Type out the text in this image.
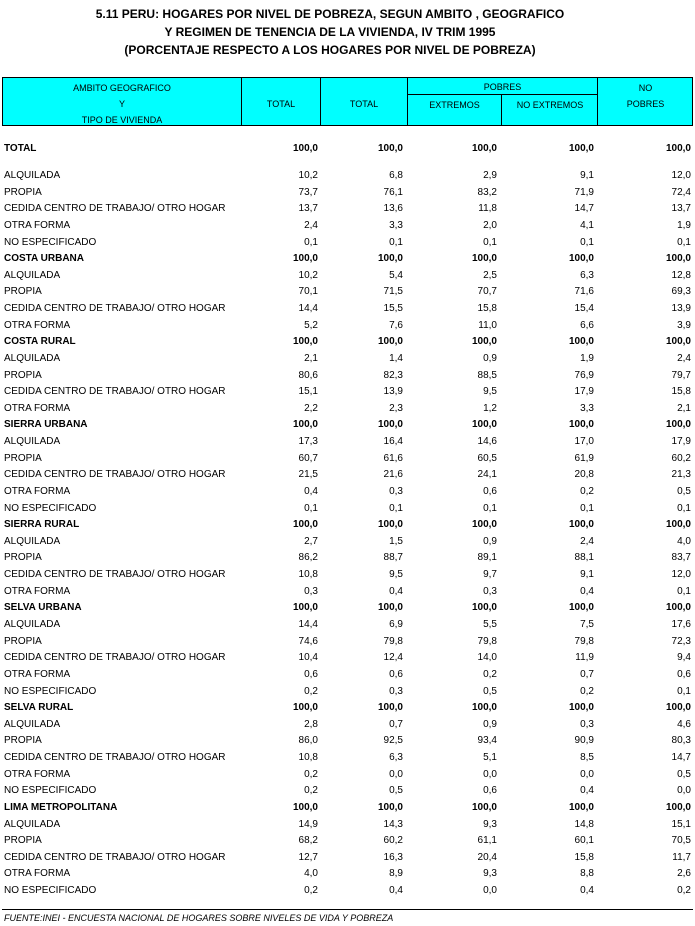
5.11 PERU: HOGARES POR NIVEL DE POBREZA, SEGUN AMBITO , GEOGRAFICO
Y REGIMEN DE TENENCIA DE LA VIVIENDA, IV TRIM 1995
(PORCENTAJE RESPECTO A LOS HOGARES POR NIVEL DE POBREZA)
AMBITO GEOGRAFICO
Y
TIPO DE VIVIENDA
TOTAL	TOTAL
POBRES
EXTREMOS	NO EXTREMOS
NO
POBRES
TOTAL	100,0	100,0	100,0	100,0	100,0
ALQUILADA	10,2	6,8	2,9	9,1	12,0
PROPIA	73,7	76,1	83,2	71,9	72,4
CEDIDA CENTRO DE TRABAJO/ OTRO HOGAR	13,7	13,6	11,8	14,7	13,7
OTRA FORMA	2,4	3,3	2,0	4,1	1,9
NO ESPECIFICADO	0,1	0,1	0,1	0,1	0,1
COSTA URBANA	100,0	100,0	100,0	100,0	100,0
ALQUILADA	10,2	5,4	2,5	6,3	12,8
PROPIA	70,1	71,5	70,7	71,6	69,3
CEDIDA CENTRO DE TRABAJO/ OTRO HOGAR	14,4	15,5	15,8	15,4	13,9
OTRA FORMA	5,2	7,6	11,0	6,6	3,9
COSTA RURAL	100,0	100,0	100,0	100,0	100,0
ALQUILADA	2,1	1,4	0,9	1,9	2,4
PROPIA	80,6	82,3	88,5	76,9	79,7
CEDIDA CENTRO DE TRABAJO/ OTRO HOGAR	15,1	13,9	9,5	17,9	15,8
OTRA FORMA	2,2	2,3	1,2	3,3	2,1
SIERRA URBANA	100,0	100,0	100,0	100,0	100,0
ALQUILADA	17,3	16,4	14,6	17,0	17,9
PROPIA	60,7	61,6	60,5	61,9	60,2
CEDIDA CENTRO DE TRABAJO/ OTRO HOGAR	21,5	21,6	24,1	20,8	21,3
OTRA FORMA	0,4	0,3	0,6	0,2	0,5
NO ESPECIFICADO	0,1	0,1	0,1	0,1	0,1
SIERRA RURAL	100,0	100,0	100,0	100,0	100,0
ALQUILADA	2,7	1,5	0,9	2,4	4,0
PROPIA	86,2	88,7	89,1	88,1	83,7
CEDIDA CENTRO DE TRABAJO/ OTRO HOGAR	10,8	9,5	9,7	9,1	12,0
OTRA FORMA	0,3	0,4	0,3	0,4	0,1
SELVA URBANA	100,0	100,0	100,0	100,0	100,0
ALQUILADA	14,4	6,9	5,5	7,5	17,6
PROPIA	74,6	79,8	79,8	79,8	72,3
CEDIDA CENTRO DE TRABAJO/ OTRO HOGAR	10,4	12,4	14,0	11,9	9,4
OTRA FORMA	0,6	0,6	0,2	0,7	0,6
NO ESPECIFICADO	0,2	0,3	0,5	0,2	0,1
SELVA RURAL	100,0	100,0	100,0	100,0	100,0
ALQUILADA	2,8	0,7	0,9	0,3	4,6
PROPIA	86,0	92,5	93,4	90,9	80,3
CEDIDA CENTRO DE TRABAJO/ OTRO HOGAR	10,8	6,3	5,1	8,5	14,7
OTRA FORMA	0,2	0,0	0,0	0,0	0,5
NO ESPECIFICADO	0,2	0,5	0,6	0,4	0,0
LIMA METROPOLITANA	100,0	100,0	100,0	100,0	100,0
ALQUILADA	14,9	14,3	9,3	14,8	15,1
PROPIA	68,2	60,2	61,1	60,1	70,5
CEDIDA CENTRO DE TRABAJO/ OTRO HOGAR	12,7	16,3	20,4	15,8	11,7
OTRA FORMA	4,0	8,9	9,3	8,8	2,6
NO ESPECIFICADO	0,2	0,4	0,0	0,4	0,2
FUENTE:INEI - ENCUESTA NACIONAL DE HOGARES SOBRE NIVELES DE VIDA Y POBREZA
